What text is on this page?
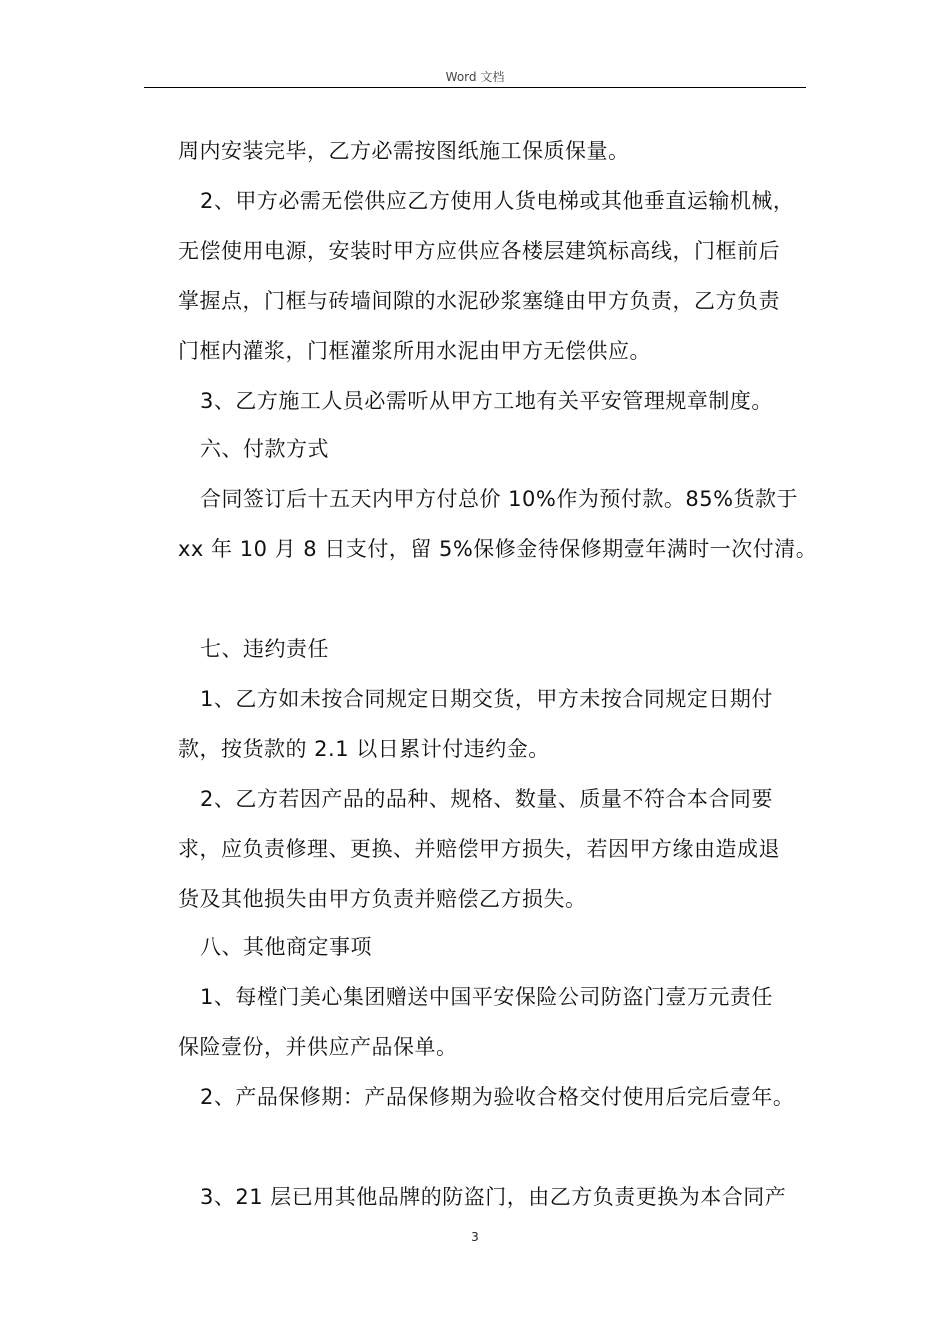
Word 文档
周内安装完毕，乙方必需按图纸施工保质保量。
2、甲方必需无偿供应乙方使用人货电梯或其他垂直运输机械，
无偿使用电源，安装时甲方应供应各楼层建筑标高线，门框前后
掌握点，门框与砖墙间隙的水泥砂浆塞缝由甲方负责，乙方负责
门框内灌浆，门框灌浆所用水泥由甲方无偿供应。
3、乙方施工人员必需听从甲方工地有关平安管理规章制度。
六、付款方式
合同签订后十五天内甲方付总价 10%作为预付款。85%货款于
xx 年 10 月 8 日支付，留 5%保修金待保修期壹年满时一次付清。
七、违约责任
1、乙方如未按合同规定日期交货，甲方未按合同规定日期付
款，按货款的 2.1 以日累计付违约金。
2、乙方若因产品的品种、规格、数量、质量不符合本合同要
求，应负责修理、更换、并赔偿甲方损失，若因甲方缘由造成退
货及其他损失由甲方负责并赔偿乙方损失。
八、其他商定事项
1、每樘门美心集团赠送中国平安保险公司防盗门壹万元责任
保险壹份，并供应产品保单。
2、产品保修期：产品保修期为验收合格交付使用后完后壹年。
3、21 层已用其他品牌的防盗门，由乙方负责更换为本合同产
3
